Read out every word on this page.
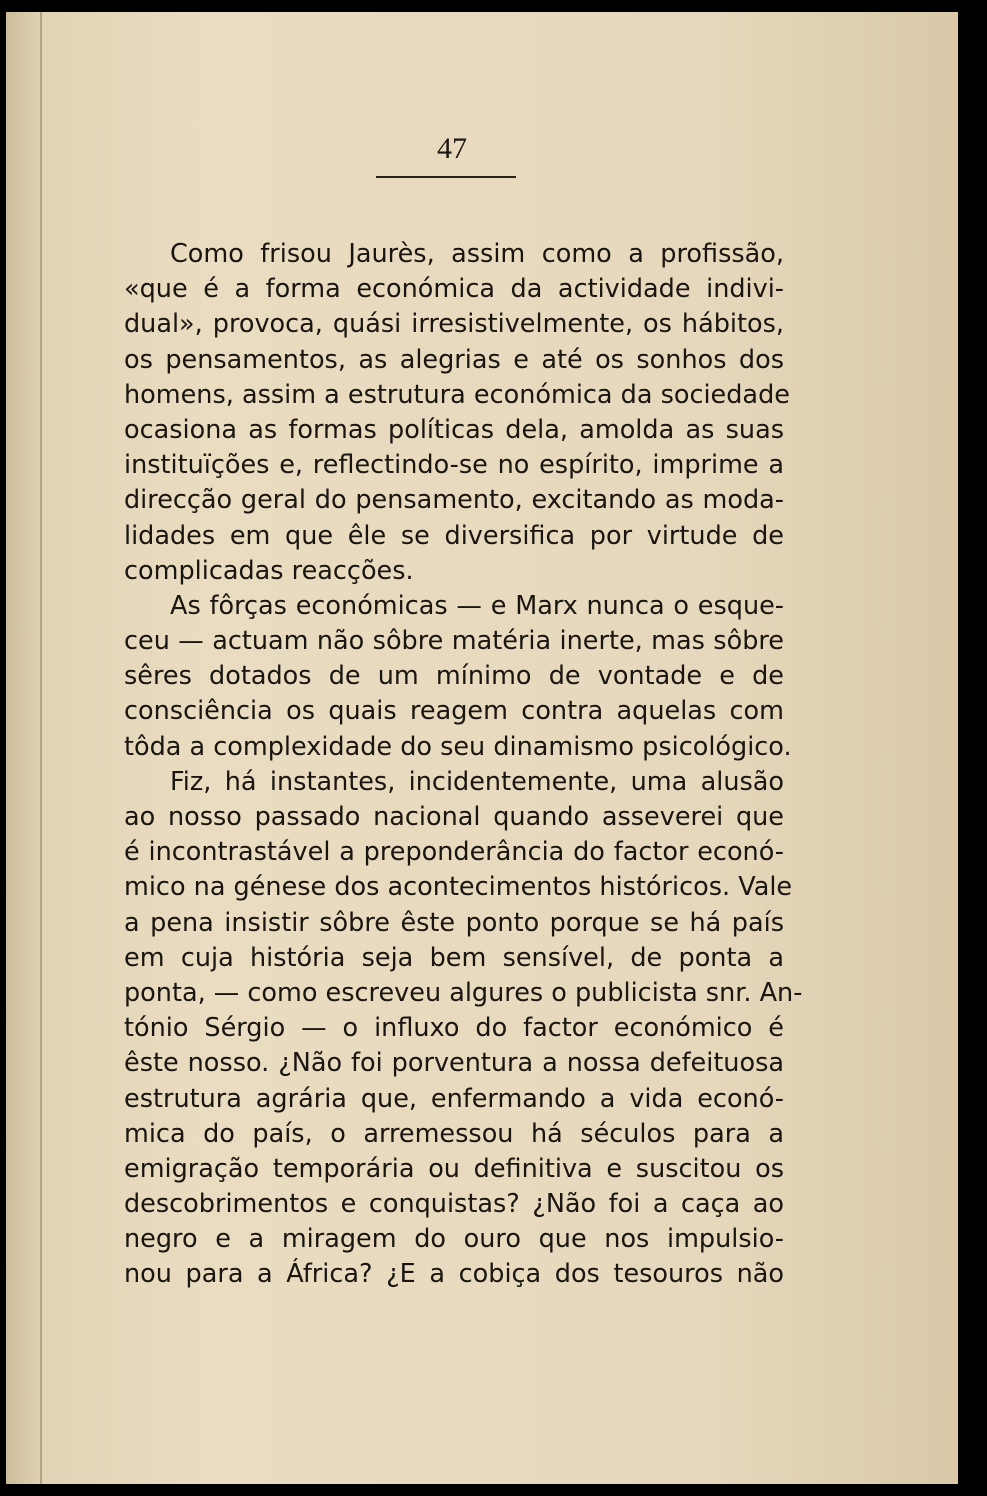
47

Como frisou Jaurès, assim como a profissão,
«que é a forma económica da actividade indivi-
dual», provoca, quási irresistivelmente, os hábitos,
os pensamentos, as alegrias e até os sonhos dos
homens, assim a estrutura económica da sociedade
ocasiona as formas políticas dela, amolda as suas
instituïções e, reflectindo-se no espírito, imprime a
direcção geral do pensamento, excitando as moda-
lidades em que êle se diversifica por virtude de
complicadas reacções.
As fôrças económicas — e Marx nunca o esque-
ceu — actuam não sôbre matéria inerte, mas sôbre
sêres dotados de um mínimo de vontade e de
consciência os quais reagem contra aquelas com
tôda a complexidade do seu dinamismo psicológico.
Fiz, há instantes, incidentemente, uma alusão
ao nosso passado nacional quando asseverei que
é incontrastável a preponderância do factor econó-
mico na génese dos acontecimentos históricos. Vale
a pena insistir sôbre êste ponto porque se há país
em cuja história seja bem sensível, de ponta a
ponta, — como escreveu algures o publicista snr. An-
tónio Sérgio — o influxo do factor económico é
êste nosso. ¿Não foi porventura a nossa defeituosa
estrutura agrária que, enfermando a vida econó-
mica do país, o arremessou há séculos para a
emigração temporária ou definitiva e suscitou os
descobrimentos e conquistas? ¿Não foi a caça ao
negro e a miragem do ouro que nos impulsio-
nou para a África? ¿E a cobiça dos tesouros não
